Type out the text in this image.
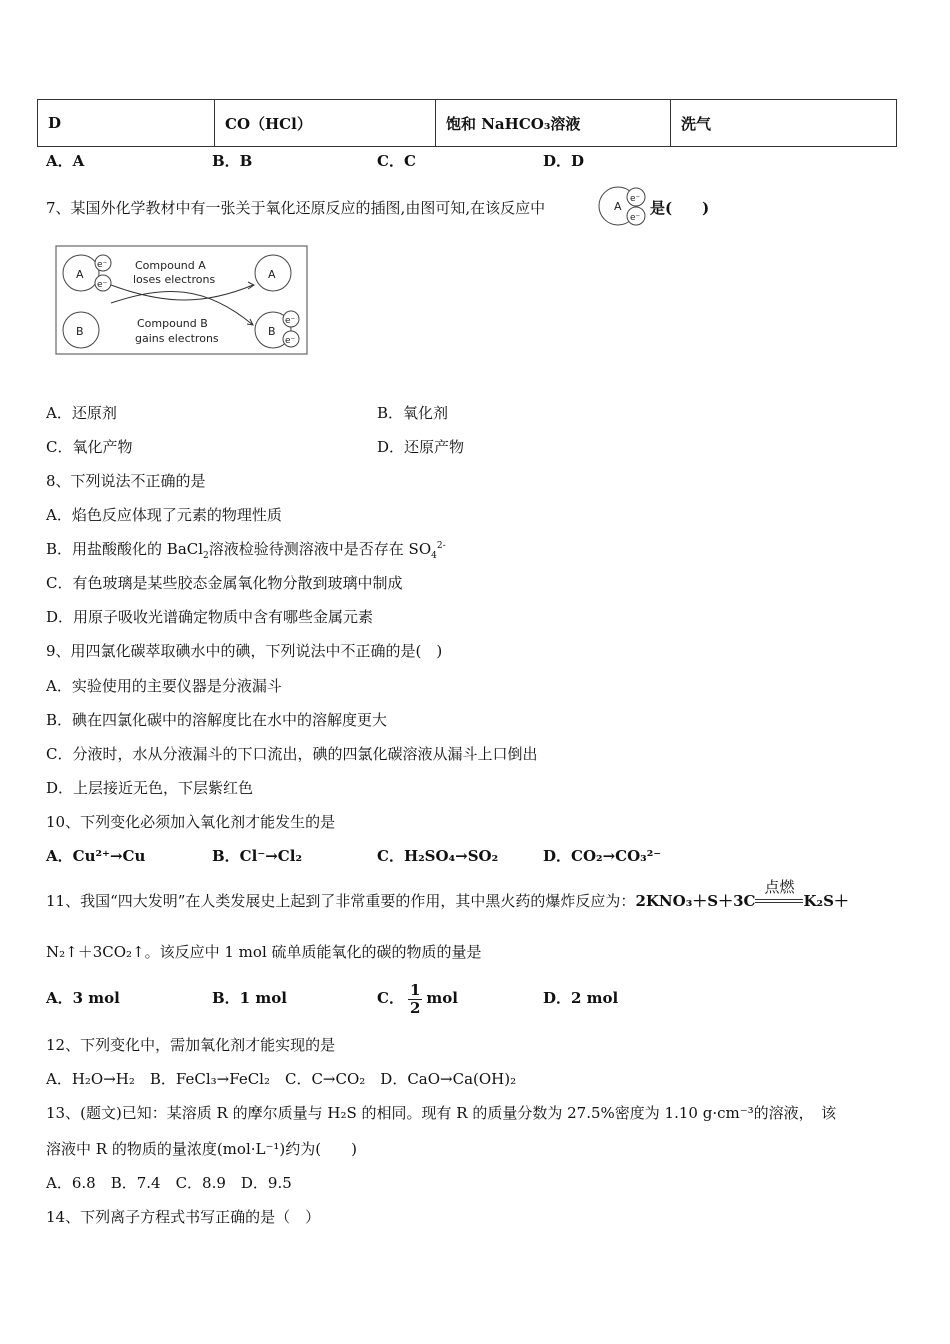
D	CO（HCl）	饱和 NaHCO₃溶液	洗气
A．A	B．B	C．C	D．D
7、某国外化学教材中有一张关于氧化还原反应的插图,由图可知,在该反应中	A
e⁻
e⁻
是(　　)
A
e⁻
e⁻
B
A
B
e⁻
e⁻
Compound A
loses electrons
Compound B
gains electrons
A．还原剂	B．氧化剂
C．氧化产物	D．还原产物
8、下列说法不正确的是
A．焰色反应体现了元素的物理性质
B．用盐酸酸化的 BaCl$_2$溶液检验待测溶液中是否存在 $SO_4^{2-}$
C．有色玻璃是某些胶态金属氧化物分散到玻璃中制成
D．用原子吸收光谱确定物质中含有哪些金属元素
9、用四氯化碳萃取碘水中的碘，下列说法中不正确的是(　)
A．实验使用的主要仪器是分液漏斗
B．碘在四氯化碳中的溶解度比在水中的溶解度更大
C．分液时，水从分液漏斗的下口流出，碘的四氯化碳溶液从漏斗上口倒出
D．上层接近无色，下层紫红色
10、下列变化必须加入氧化剂才能发生的是
A．Cu²⁺→Cu	B．Cl⁻→Cl₂	C．H₂SO₄→SO₂	D．CO₂→CO₃²⁻
11、我国“四大发明”在人类发展史上起到了非常重要的作用，其中黑火药的爆炸反应为：2KNO₃＋S＋3C
点燃
K₂S＋
N₂↑＋3CO₂↑。该反应中 1 mol 硫单质能氧化的碳的物质的量是
A．3 mol	B．1 mol	C． $\frac{1}{2}$ mol	D．2 mol
12、下列变化中，需加氧化剂才能实现的是
A．H₂O→H₂　B．FeCl₃→FeCl₂　C．C→CO₂　D．CaO→Ca(OH)₂
13、(题文)已知：某溶质 R 的摩尔质量与 H₂S 的相同。现有 R 的质量分数为 27.5%密度为 1.10 g·cm⁻³的溶液，　该
溶液中 R 的物质的量浓度(mol·L⁻¹)约为(　　)
A．6.8　B．7.4　C．8.9　D．9.5
14、下列离子方程式书写正确的是（　）
